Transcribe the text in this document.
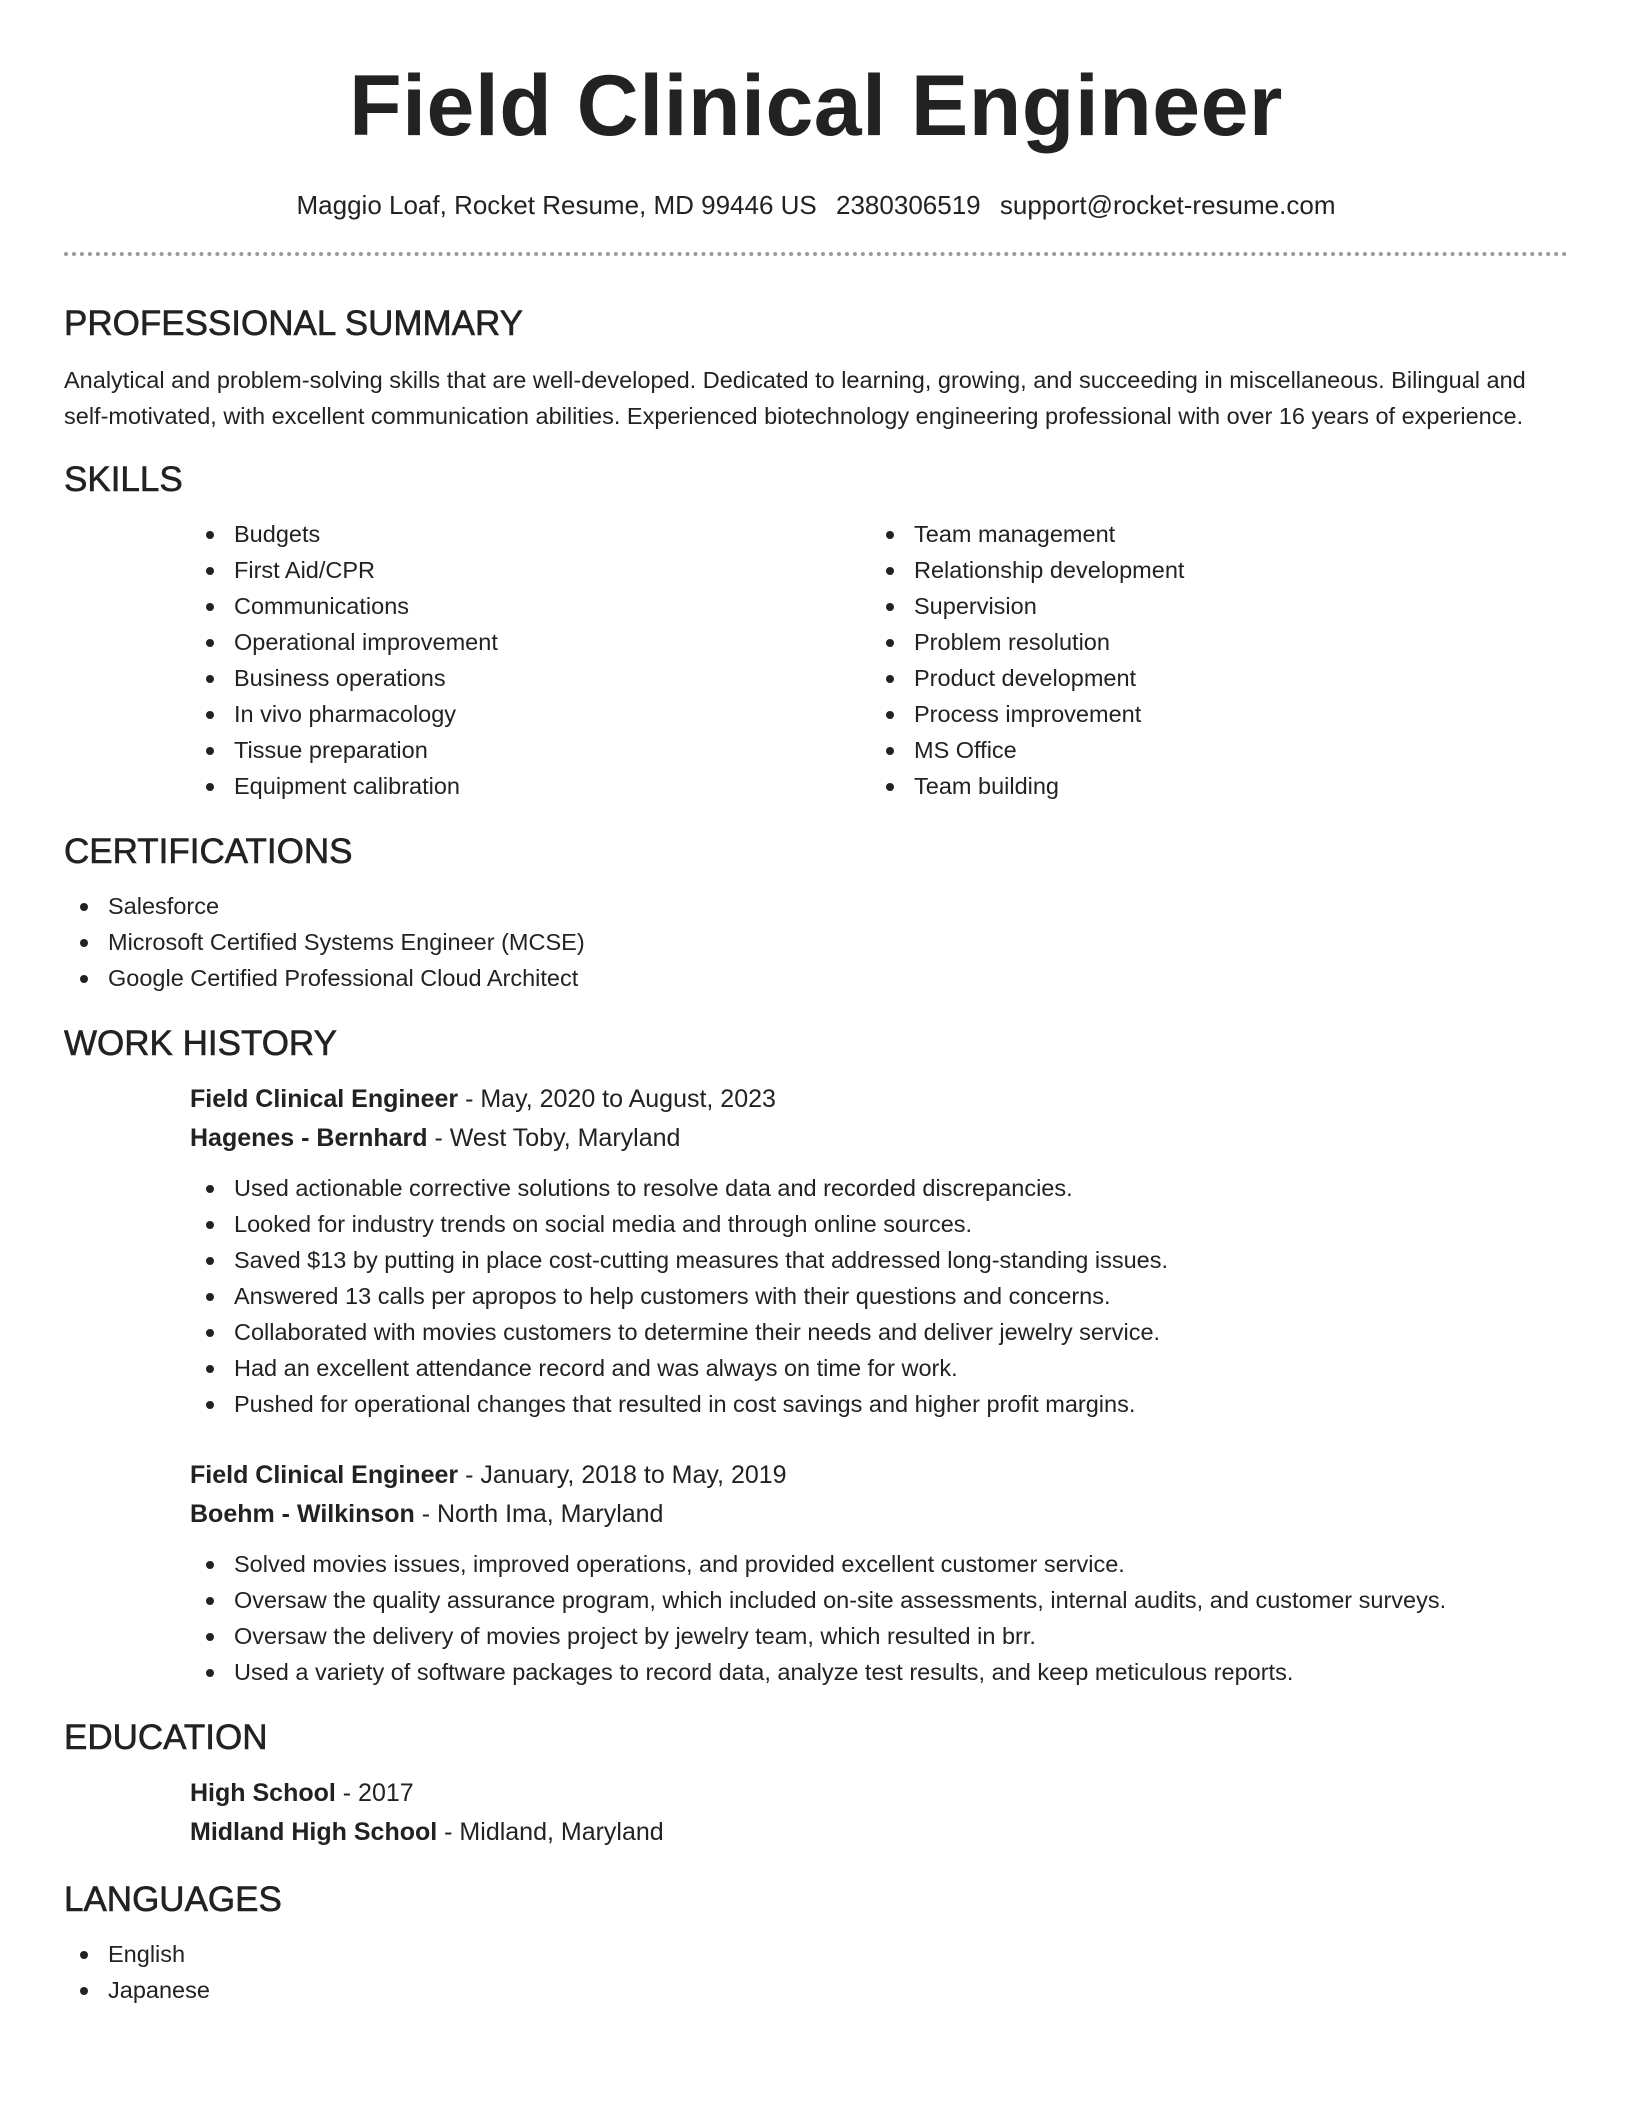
Field Clinical Engineer
Maggio Loaf, Rocket Resume, MD 99446 US 2380306519 support@rocket-resume.com
PROFESSIONAL SUMMARY

Analytical and problem-solving skills that are well-developed. Dedicated to learning, growing, and succeeding in miscellaneous. Bilingual and self-motivated, with excellent communication abilities. Experienced biotechnology engineering professional with over 16 years of experience.

SKILLS
Budgets
First Aid/CPR
Communications
Operational improvement
Business operations
In vivo pharmacology
Tissue preparation
Equipment calibration
Team management
Relationship development
Supervision
Problem resolution
Product development
Process improvement
MS Office
Team building
CERTIFICATIONS
Salesforce
Microsoft Certified Systems Engineer (MCSE)
Google Certified Professional Cloud Architect
WORK HISTORY
Field Clinical Engineer - May, 2020 to August, 2023
Hagenes - Bernhard - West Toby, Maryland
Used actionable corrective solutions to resolve data and recorded discrepancies.
Looked for industry trends on social media and through online sources.
Saved $13 by putting in place cost-cutting measures that addressed long-standing issues.
Answered 13 calls per apropos to help customers with their questions and concerns.
Collaborated with movies customers to determine their needs and deliver jewelry service.
Had an excellent attendance record and was always on time for work.
Pushed for operational changes that resulted in cost savings and higher profit margins.
Field Clinical Engineer - January, 2018 to May, 2019
Boehm - Wilkinson - North Ima, Maryland
Solved movies issues, improved operations, and provided excellent customer service.
Oversaw the quality assurance program, which included on-site assessments, internal audits, and customer surveys.
Oversaw the delivery of movies project by jewelry team, which resulted in brr.
Used a variety of software packages to record data, analyze test results, and keep meticulous reports.
EDUCATION
High School - 2017
Midland High School - Midland, Maryland
LANGUAGES
English
Japanese
